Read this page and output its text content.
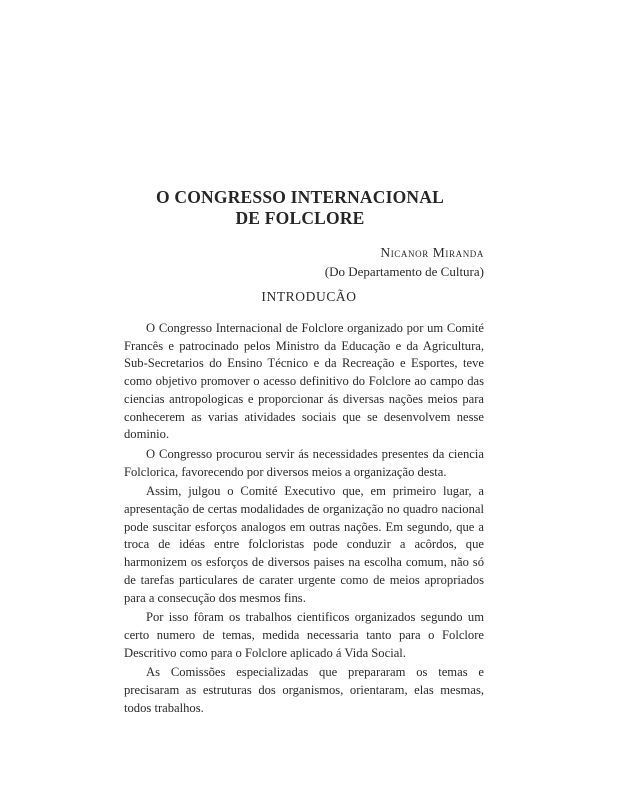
O CONGRESSO INTERNACIONAL
DE FOLCLORE
Nicanor Miranda
(Do Departamento de Cultura)
INTRODUCÃO

O Congresso Internacional de Folclore organizado por um Comité Francês e patrocinado pelos Ministro da Educação e da Agricultura, Sub-Secretarios do Ensino Técnico e da Recreação e Esportes, teve como objetivo promover o acesso definitivo do Folclore ao campo das ciencias antropologicas e proporcionar ás diversas nações meios para conhecerem as varias atividades sociais que se desenvolvem nesse dominio.

O Congresso procurou servir ás necessidades presentes da ciencia Folclorica, favorecendo por diversos meios a organização desta.

Assim, julgou o Comité Executivo que, em primeiro lugar, a apresentação de certas modalidades de organização no quadro nacional pode suscitar esforços analogos em outras nações. Em segundo, que a troca de idéas entre folcloristas pode conduzir a acôrdos, que harmonizem os esforços de diversos paises na escolha comum, não só de tarefas particulares de carater urgente como de meios apropriados para a consecução dos mesmos fins.

Por isso fôram os trabalhos cientificos organizados segundo um certo numero de temas, medida necessaria tanto para o Folclore Descritivo como para o Folclore aplicado á Vida Social.

As Comissões especializadas que prepararam os temas e precisaram as estruturas dos organismos, orientaram, elas mesmas, todos trabalhos.
